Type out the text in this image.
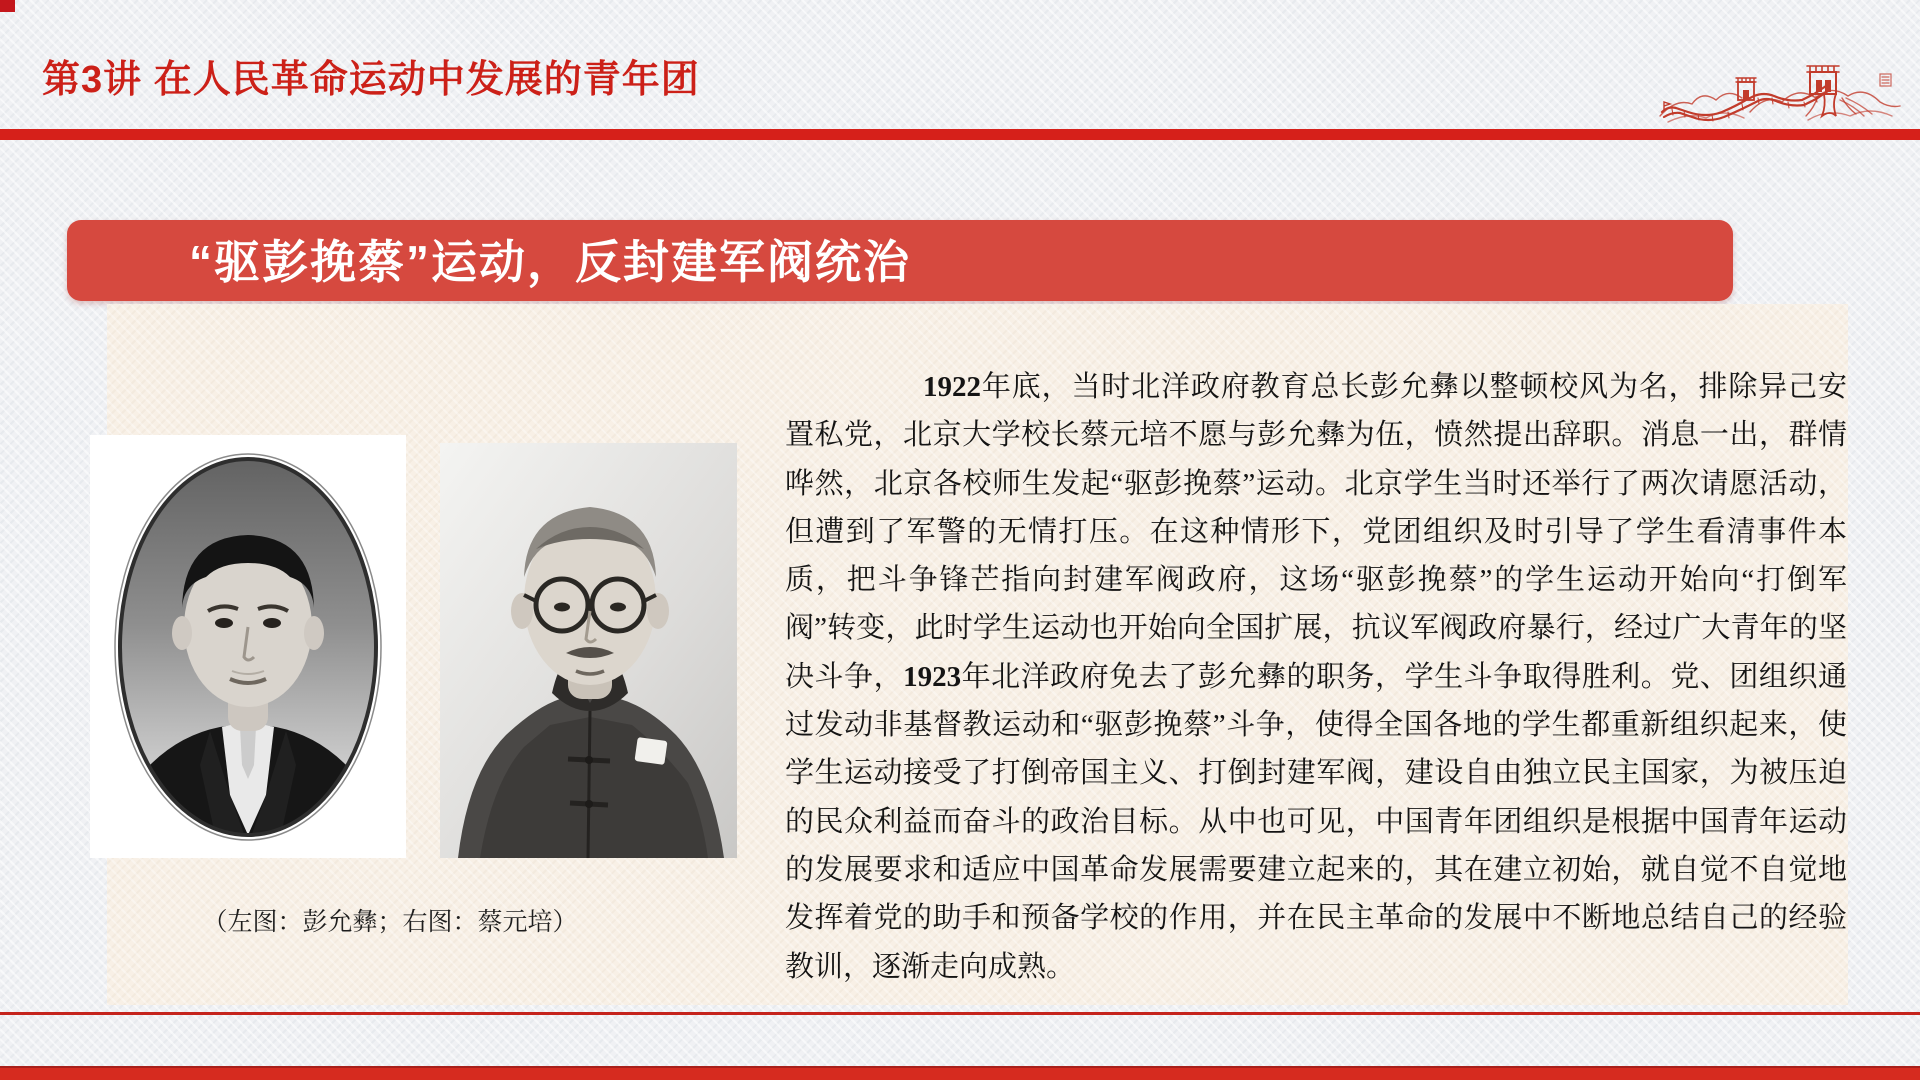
第3讲 在人民革命运动中发展的青年团
“驱彭挽蔡”运动，反封建军阀统治
（左图：彭允彝；右图：蔡元培）
1922年底，当时北洋政府教育总长彭允彝以整顿校风为名，排除异己安置私党，北京大学校长蔡元培不愿与彭允彝为伍，愤然提出辞职。消息一出，群情哗然，北京各校师生发起“驱彭挽蔡”运动。北京学生当时还举行了两次请愿活动，但遭到了军警的无情打压。在这种情形下，党团组织及时引导了学生看清事件本质，把斗争锋芒指向封建军阀政府，这场“驱彭挽蔡”的学生运动开始向“打倒军阀”转变，此时学生运动也开始向全国扩展，抗议军阀政府暴行，经过广大青年的坚决斗争，1923年北洋政府免去了彭允彝的职务，学生斗争取得胜利。党、团组织通过发动非基督教运动和“驱彭挽蔡”斗争，使得全国各地的学生都重新组织起来，使学生运动接受了打倒帝国主义、打倒封建军阀，建设自由独立民主国家，为被压迫的民众利益而奋斗的政治目标。从中也可见，中国青年团组织是根据中国青年运动的发展要求和适应中国革命发展需要建立起来的，其在建立初始，就自觉不自觉地发挥着党的助手和预备学校的作用，并在民主革命的发展中不断地总结自己的经验教训，逐渐走向成熟。
